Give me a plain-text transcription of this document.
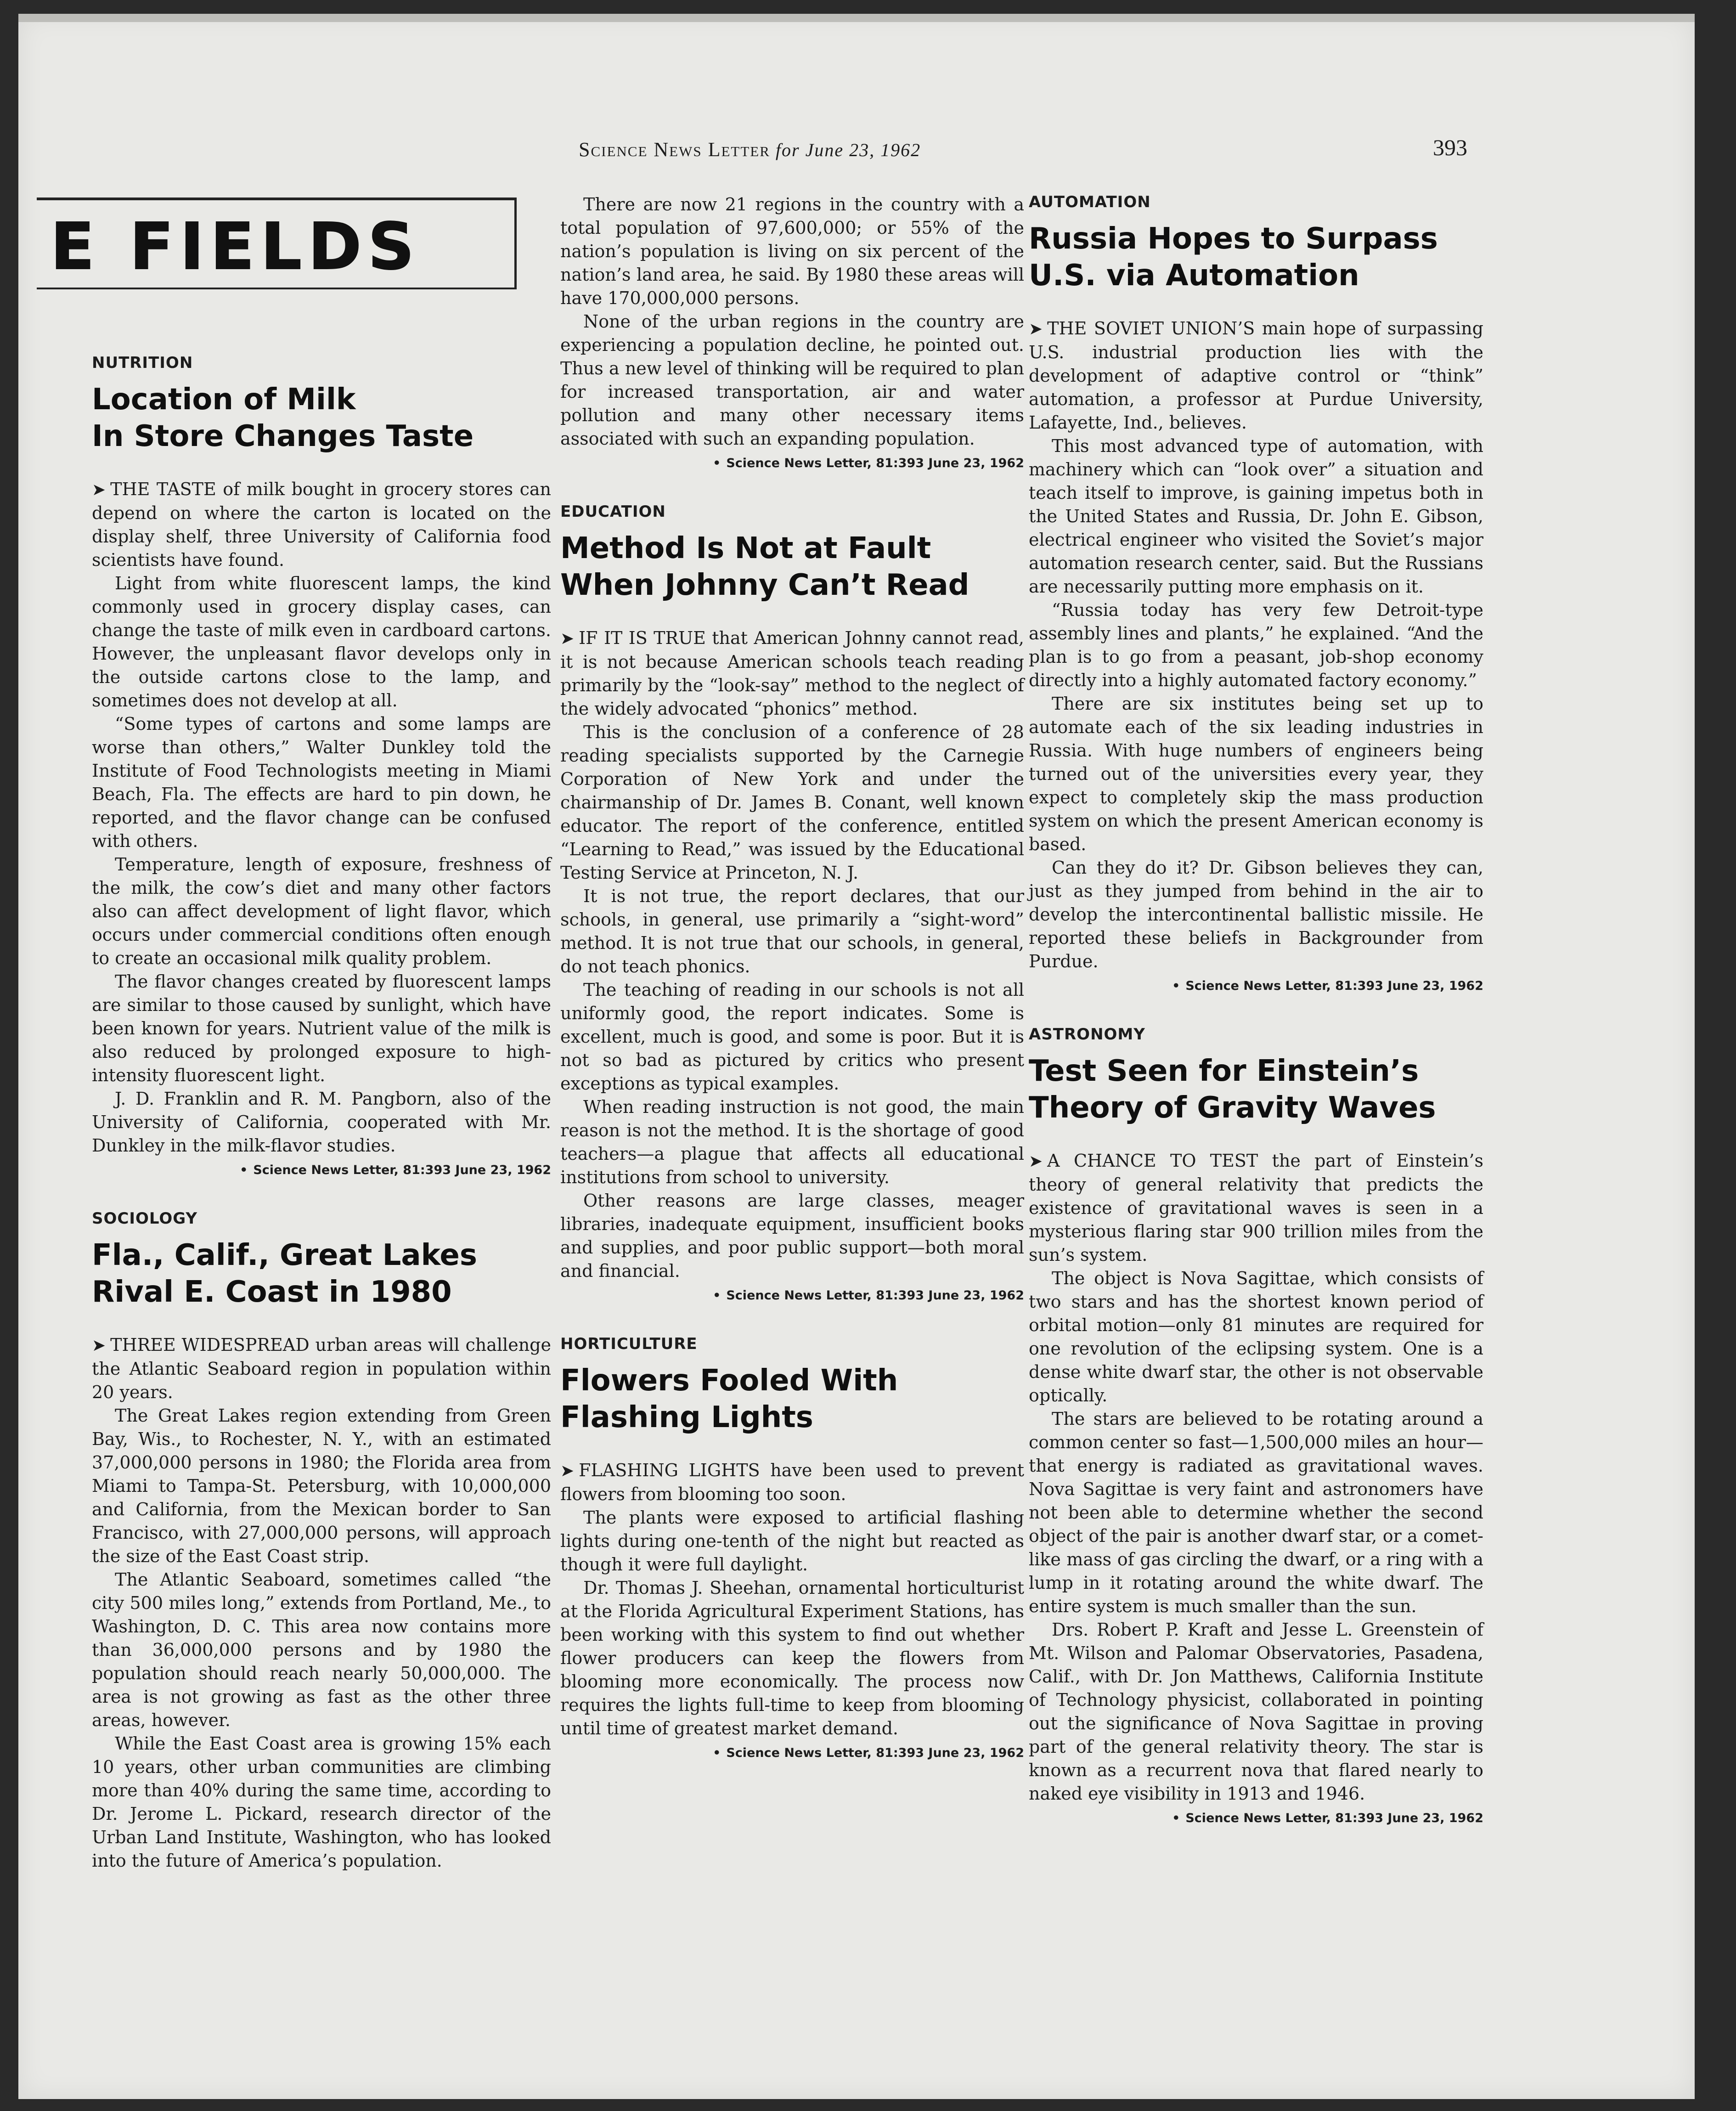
Science News Letter for June 23, 1962	393
E FIELDS
NUTRITION
Location of Milk
In Store Changes Taste

➤ THE TASTE of milk bought in grocery stores can depend on where the carton is located on the display shelf, three University of California food scientists have found.

Light from white fluorescent lamps, the kind commonly used in grocery display cases, can change the taste of milk even in cardboard cartons. However, the unpleasant flavor develops only in the outside cartons close to the lamp, and sometimes does not develop at all.

“Some types of cartons and some lamps are worse than others,” Walter Dunkley told the Institute of Food Technologists meeting in Miami Beach, Fla. The effects are hard to pin down, he reported, and the flavor change can be confused with others.

Temperature, length of exposure, freshness of the milk, the cow’s diet and many other factors also can affect development of light flavor, which occurs under commercial conditions often enough to create an occasional milk quality problem.

The flavor changes created by fluorescent lamps are similar to those caused by sunlight, which have been known for years. Nutrient value of the milk is also reduced by prolonged exposure to high-intensity fluorescent light.

J. D. Franklin and R. M. Pangborn, also of the University of California, cooperated with Mr. Dunkley in the milk-flavor studies.

• Science News Letter, 81:393 June 23, 1962
SOCIOLOGY
Fla., Calif., Great Lakes
Rival E. Coast in 1980

➤ THREE WIDESPREAD urban areas will challenge the Atlantic Seaboard region in population within 20 years.

The Great Lakes region extending from Green Bay, Wis., to Rochester, N. Y., with an estimated 37,000,000 persons in 1980; the Florida area from Miami to Tampa-St. Petersburg, with 10,000,000 and California, from the Mexican border to San Francisco, with 27,000,000 persons, will approach the size of the East Coast strip.

The Atlantic Seaboard, sometimes called “the city 500 miles long,” extends from Portland, Me., to Washington, D. C. This area now contains more than 36,000,000 persons and by 1980 the population should reach nearly 50,000,000. The area is not growing as fast as the other three areas, however.

While the East Coast area is growing 15% each 10 years, other urban communities are climbing more than 40% during the same time, according to Dr. Jerome L. Pickard, research director of the Urban Land Institute, Washington, who has looked into the future of America’s population.

There are now 21 regions in the country with a total population of 97,600,000; or 55% of the nation’s population is living on six percent of the nation’s land area, he said. By 1980 these areas will have 170,000,000 persons.

None of the urban regions in the country are experiencing a population decline, he pointed out. Thus a new level of thinking will be required to plan for increased transportation, air and water pollution and many other necessary items associated with such an expanding population.

• Science News Letter, 81:393 June 23, 1962
EDUCATION
Method Is Not at Fault
When Johnny Can’t Read

➤ IF IT IS TRUE that American Johnny cannot read, it is not because American schools teach reading primarily by the “look-say” method to the neglect of the widely advocated “phonics” method.

This is the conclusion of a conference of 28 reading specialists supported by the Carnegie Corporation of New York and under the chairmanship of Dr. James B. Conant, well known educator. The report of the conference, entitled “Learning to Read,” was issued by the Educational Testing Service at Princeton, N. J.

It is not true, the report declares, that our schools, in general, use primarily a “sight-word” method. It is not true that our schools, in general, do not teach phonics.

The teaching of reading in our schools is not all uniformly good, the report indicates. Some is excellent, much is good, and some is poor. But it is not so bad as pictured by critics who present exceptions as typical examples.

When reading instruction is not good, the main reason is not the method. It is the shortage of good teachers—a plague that affects all educational institutions from school to university.

Other reasons are large classes, meager libraries, inadequate equipment, insufficient books and supplies, and poor public support—both moral and financial.

• Science News Letter, 81:393 June 23, 1962
HORTICULTURE
Flowers Fooled With
Flashing Lights

➤ FLASHING LIGHTS have been used to prevent flowers from blooming too soon.

The plants were exposed to artificial flashing lights during one-tenth of the night but reacted as though it were full daylight.

Dr. Thomas J. Sheehan, ornamental horticulturist at the Florida Agricultural Experiment Stations, has been working with this system to find out whether flower producers can keep the flowers from blooming more economically. The process now requires the lights full-time to keep from blooming until time of greatest market demand.

• Science News Letter, 81:393 June 23, 1962
AUTOMATION
Russia Hopes to Surpass
U.S. via Automation

➤ THE SOVIET UNION’S main hope of surpassing U.S. industrial production lies with the development of adaptive control or “think” automation, a professor at Purdue University, Lafayette, Ind., believes.

This most advanced type of automation, with machinery which can “look over” a situation and teach itself to improve, is gaining impetus both in the United States and Russia, Dr. John E. Gibson, electrical engineer who visited the Soviet’s major automation research center, said. But the Russians are necessarily putting more emphasis on it.

“Russia today has very few Detroit-type assembly lines and plants,” he explained. “And the plan is to go from a peasant, job-shop economy directly into a highly automated factory economy.”

There are six institutes being set up to automate each of the six leading industries in Russia. With huge numbers of engineers being turned out of the universities every year, they expect to completely skip the mass production system on which the present American economy is based.

Can they do it? Dr. Gibson believes they can, just as they jumped from behind in the air to develop the intercontinental ballistic missile. He reported these beliefs in Backgrounder from Purdue.

• Science News Letter, 81:393 June 23, 1962
ASTRONOMY
Test Seen for Einstein’s
Theory of Gravity Waves

➤ A CHANCE TO TEST the part of Einstein’s theory of general relativity that predicts the existence of gravitational waves is seen in a mysterious flaring star 900 trillion miles from the sun’s system.

The object is Nova Sagittae, which consists of two stars and has the shortest known period of orbital motion—only 81 minutes are required for one revolution of the eclipsing system. One is a dense white dwarf star, the other is not observable optically.

The stars are believed to be rotating around a common center so fast—1,500,000 miles an hour—that energy is radiated as gravitational waves. Nova Sagittae is very faint and astronomers have not been able to determine whether the second object of the pair is another dwarf star, or a comet-like mass of gas circling the dwarf, or a ring with a lump in it rotating around the white dwarf. The entire system is much smaller than the sun.

Drs. Robert P. Kraft and Jesse L. Greenstein of Mt. Wilson and Palomar Observatories, Pasadena, Calif., with Dr. Jon Matthews, California Institute of Technology physicist, collaborated in pointing out the significance of Nova Sagittae in proving part of the general relativity theory. The star is known as a recurrent nova that flared nearly to naked eye visibility in 1913 and 1946.

• Science News Letter, 81:393 June 23, 1962
